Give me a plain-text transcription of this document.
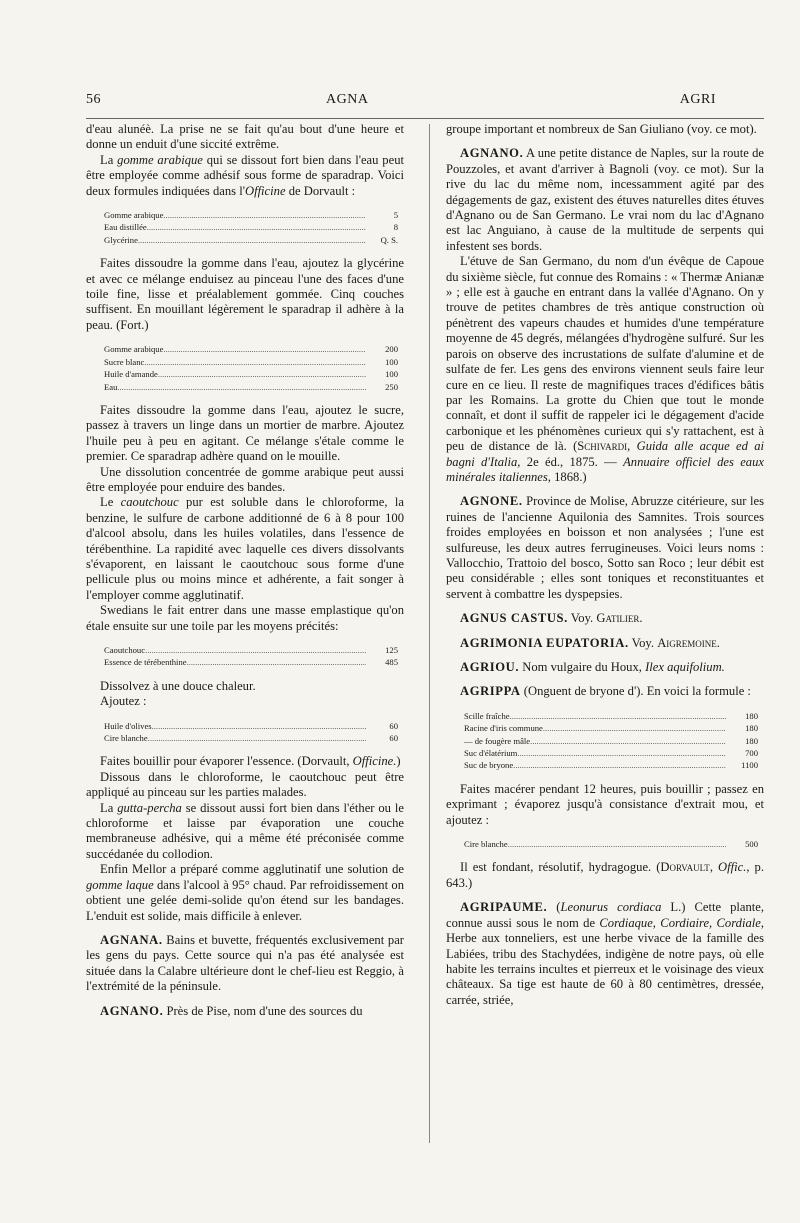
56	AGNA	AGRI

d'eau alunéè. La prise ne se fait qu'au bout d'une heure et donne un enduit d'une siccité extrême.

La gomme arabique qui se dissout fort bien dans l'eau peut être employée comme adhésif sous forme de sparadrap. Voici deux formules indiquées dans l'Officine de Dorvault :

Gomme arabique .....	5
Eau distillée .....	8
Glycérine .....	Q. S.

Faites dissoudre la gomme dans l'eau, ajoutez la glycérine et avec ce mélange enduisez au pinceau l'une des faces d'une toile fine, lisse et préalablement gommée. Cinq couches suffisent. En mouillant légèrement le sparadrap il adhère à la peau. (Fort.)

Gomme arabique .....	200
Sucre blanc .....	100
Huile d'amande .....	100
Eau .....	250

Faites dissoudre la gomme dans l'eau, ajoutez le sucre, passez à travers un linge dans un mortier de marbre. Ajoutez l'huile peu à peu en agitant. Ce mélange s'étale comme le premier. Ce sparadrap adhère quand on le mouille.

Une dissolution concentrée de gomme arabique peut aussi être employée pour enduire des bandes.

Le caoutchouc pur est soluble dans le chloroforme, la benzine, le sulfure de carbone additionné de 6 à 8 pour 100 d'alcool absolu, dans les huiles volatiles, dans l'essence de térébenthine. La rapidité avec laquelle ces divers dissolvants s'évaporent, en laissant le caoutchouc sous forme d'une pellicule plus ou moins mince et adhérente, a fait songer à l'employer comme agglutinatif.

Swedians le fait entrer dans une masse emplastique qu'on étale ensuite sur une toile par les moyens précités:

Caoutchouc .....	125
Essence de térébenthine .....	485

Dissolvez à une douce chaleur.

Ajoutez :

Huile d'olives .....	60
Cire blanche .....	60

Faites bouillir pour évaporer l'essence. (Dorvault, Officine.)

Dissous dans le chloroforme, le caoutchouc peut être appliqué au pinceau sur les parties malades.

La gutta-percha se dissout aussi fort bien dans l'éther ou le chloroforme et laisse par évaporation une couche membraneuse adhésive, qui a même été préconisée comme succédanée du collodion.

Enfin Mellor a préparé comme agglutinatif une solution de gomme laque dans l'alcool à 95° chaud. Par refroidissement on obtient une gelée demi-solide qu'on étend sur les bandages. L'enduit est solide, mais difficile à enlever.

AGNANA. Bains et buvette, fréquentés exclusivement par les gens du pays. Cette source qui n'a pas été analysée est située dans la Calabre ultérieure dont le chef-lieu est Reggio, à l'extrémité de la péninsule.

AGNANO. Près de Pise, nom d'une des sources du

groupe important et nombreux de San Giuliano (voy. ce mot).

AGNANO. A une petite distance de Naples, sur la route de Pouzzoles, et avant d'arriver à Bagnoli (voy. ce mot). Sur la rive du lac du même nom, incessamment agité par des dégagements de gaz, existent des étuves naturelles dites étuves d'Agnano ou de San Germano. Le vrai nom du lac d'Agnano est lac Anguiano, à cause de la multitude de serpents qui infestent ses bords.

L'étuve de San Germano, du nom d'un évêque de Capoue du sixième siècle, fut connue des Romains : « Thermæ Anianæ » ; elle est à gauche en entrant dans la vallée d'Agnano. On y trouve de petites chambres de très antique construction où pénètrent des vapeurs chaudes et humides d'une température moyenne de 45 degrés, mélangées d'hydrogène sulfuré. Sur les parois on observe des incrustations de sulfate d'alumine et de sulfate de fer. Les gens des environs viennent seuls faire leur cure en ce lieu. Il reste de magnifiques traces d'édifices bâtis par les Romains. La grotte du Chien que tout le monde connaît, et dont il suffit de rappeler ici le dégagement d'acide carbonique et les phénomènes curieux qui s'y rattachent, est à peu de distance de là. (Schivardi, Guida alle acque ed ai bagni d'Italia, 2e éd., 1875. — Annuaire officiel des eaux minérales italiennes, 1868.)

AGNONE. Province de Molise, Abruzze citérieure, sur les ruines de l'ancienne Aquilonia des Samnites. Trois sources froides employées en boisson et non analysées ; l'une est sulfureuse, les deux autres ferrugineuses. Voici leurs noms : Vallocchio, Trattoio del bosco, Sotto san Roco ; leur débit est peu considérable ; elles sont toniques et reconstituantes et servent à combattre les dyspepsies.

AGNUS CASTUS. Voy. Gatilier.

AGRIMONIA EUPATORIA. Voy. Aigremoine.

AGRIOU. Nom vulgaire du Houx, Ilex aquifolium.

AGRIPPA (Onguent de bryone d'). En voici la formule :

Scille fraîche .....	180
Racine d'iris commune .....	180
— de fougère mâle .....	180
Suc d'élatérium .....	700
Suc de bryone .....	1100

Faites macérer pendant 12 heures, puis bouillir ; passez en exprimant ; évaporez jusqu'à consistance d'extrait mou, et ajoutez :

Cire blanche .....	500

Il est fondant, résolutif, hydragogue. (Dorvault, Offic., p. 643.)

AGRIPAUME. (Leonurus cordiaca L.) Cette plante, connue aussi sous le nom de Cordiaque, Cordiaire, Cordiale, Herbe aux tonneliers, est une herbe vivace de la famille des Labiées, tribu des Stachydées, indigène de notre pays, où elle habite les terrains incultes et pierreux et le voisinage des vieux châteaux. Sa tige est haute de 60 à 80 centimètres, dressée, carrée, striée,
